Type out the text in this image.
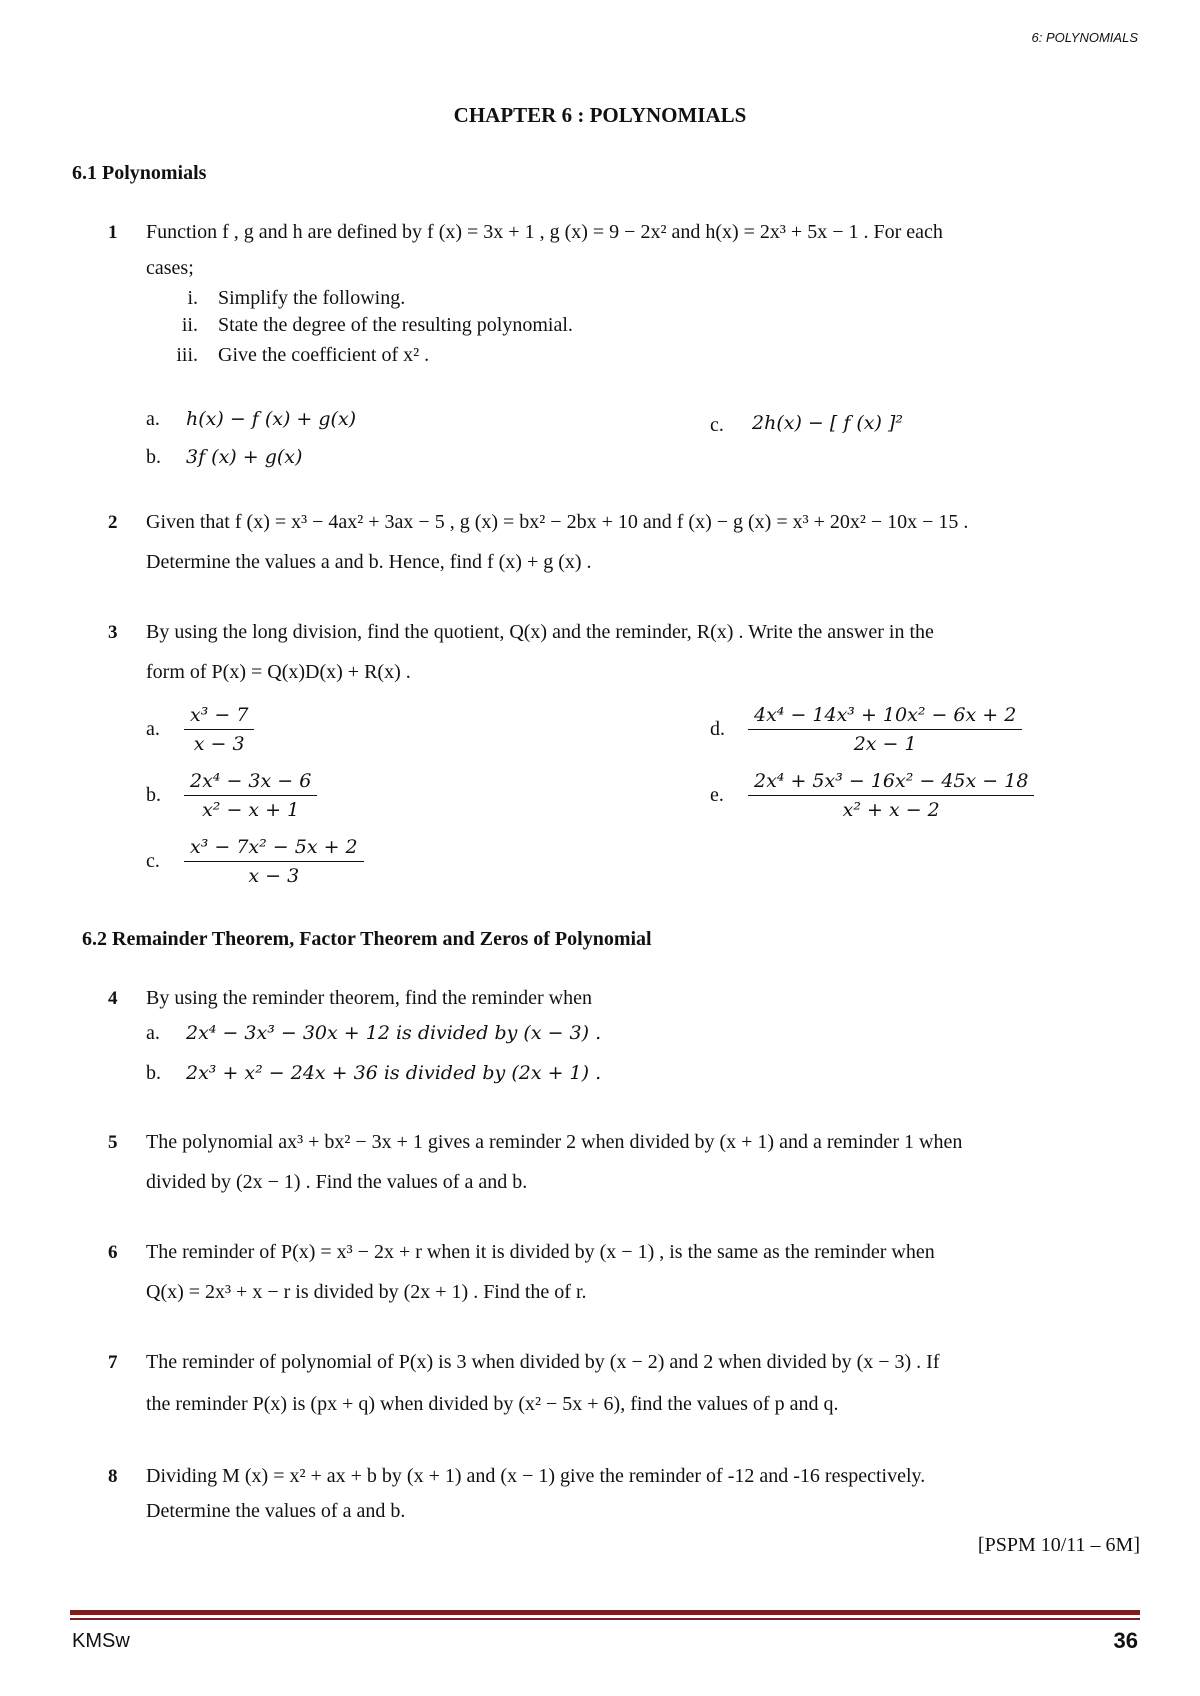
6: POLYNOMIALS
CHAPTER 6 : POLYNOMIALS
6.1 Polynomials
1 Function f , g and h are defined by f (x) = 3x + 1 , g (x) = 9 − 2x² and h(x) = 2x³ + 5x − 1 . For each
cases;
i. Simplify the following.
ii. State the degree of the resulting polynomial.
iii. Give the coefficient of x² .
a. h(x) − f (x) + g(x)
b. 3f (x) + g(x)
c. 2h(x) − [ f (x) ]²
2 Given that f (x) = x³ − 4ax² + 3ax − 5 , g (x) = bx² − 2bx + 10 and f (x) − g (x) = x³ + 20x² − 10x − 15 .
Determine the values a and b. Hence, find f (x) + g (x) .
3 By using the long division, find the quotient, Q(x) and the reminder, R(x) . Write the answer in the
form of P(x) = Q(x)D(x) + R(x) .
a.	$\frac{\text{x³ − 7}}{x - 3}$
b.	$\frac{\text{2x⁴ − 3x − 6}}{\text{x² − x + 1}}$
c.	$\frac{\text{x³ − 7x² − 5x + 2}}{x - 3}$
d.	$\frac{\text{4x⁴ − 14x³ + 10x² − 6x + 2}}{2x - 1}$
e.	$\frac{\text{2x⁴ + 5x³ − 16x² − 45x − 18}}{\text{x² + x − 2}}$
6.2 Remainder Theorem, Factor Theorem and Zeros of Polynomial
4 By using the reminder theorem, find the reminder when
a. 2x⁴ − 3x³ − 30x + 12 is divided by (x − 3) .
b. 2x³ + x² − 24x + 36 is divided by (2x + 1) .
5 The polynomial ax³ + bx² − 3x + 1 gives a reminder 2 when divided by (x + 1) and a reminder 1 when
divided by (2x − 1) . Find the values of a and b.
6 The reminder of P(x) = x³ − 2x + r when it is divided by (x − 1) , is the same as the reminder when
Q(x) = 2x³ + x − r is divided by (2x + 1) . Find the of r.
7 The reminder of polynomial of P(x) is 3 when divided by (x − 2) and 2 when divided by (x − 3) . If
the reminder P(x) is (px + q) when divided by (x² − 5x + 6), find the values of p and q.
8 Dividing M (x) = x² + ax + b by (x + 1) and (x − 1) give the reminder of -12 and -16 respectively.
Determine the values of a and b.
[PSPM 10/11 – 6M]
KMSw	36
